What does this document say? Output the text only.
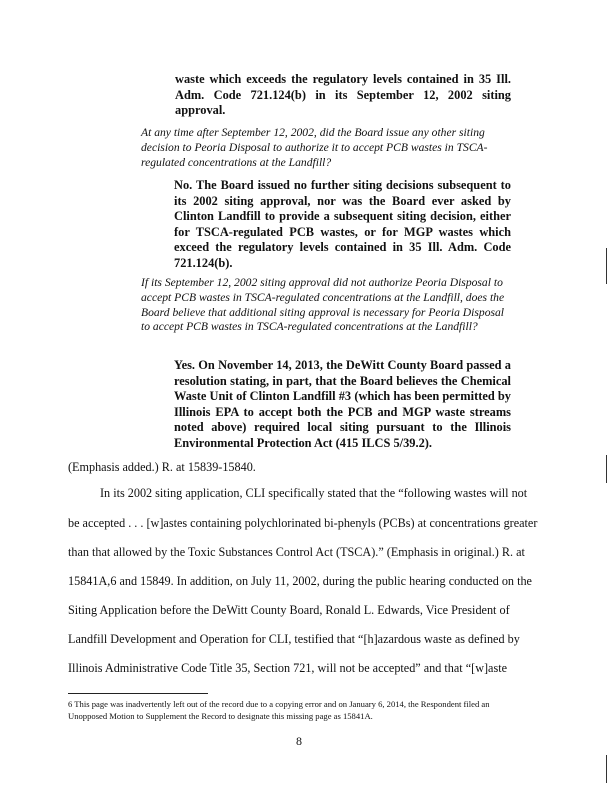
waste which exceeds the regulatory levels contained in 35 Ill. Adm. Code 721.124(b) in its September 12, 2002 siting approval.

At any time after September 12, 2002, did the Board issue any other siting decision to Peoria Disposal to authorize it to accept PCB wastes in TSCA-regulated concentrations at the Landfill?

No. The Board issued no further siting decisions subsequent to its 2002 siting approval, nor was the Board ever asked by Clinton Landfill to provide a subsequent siting decision, either for TSCA-regulated PCB wastes, or for MGP wastes which exceed the regulatory levels contained in 35 Ill. Adm. Code 721.124(b).

If its September 12, 2002 siting approval did not authorize Peoria Disposal to accept PCB wastes in TSCA-regulated concentrations at the Landfill, does the Board believe that additional siting approval is necessary for Peoria Disposal to accept PCB wastes in TSCA-regulated concentrations at the Landfill?

Yes. On November 14, 2013, the DeWitt County Board passed a resolution stating, in part, that the Board believes the Chemical Waste Unit of Clinton Landfill #3 (which has been permitted by Illinois EPA to accept both the PCB and MGP waste streams noted above) required local siting pursuant to the Illinois Environmental Protection Act (415 ILCS 5/39.2).

(Emphasis added.) R. at 15839-15840.

In its 2002 siting application, CLI specifically stated that the “following wastes will not

be accepted . . . [w]astes containing polychlorinated bi-phenyls (PCBs) at concentrations greater

than that allowed by the Toxic Substances Control Act (TSCA).” (Emphasis in original.) R. at

15841A,6 and 15849. In addition, on July 11, 2002, during the public hearing conducted on the

Siting Application before the DeWitt County Board, Ronald L. Edwards, Vice President of

Landfill Development and Operation for CLI, testified that “[h]azardous waste as defined by

Illinois Administrative Code Title 35, Section 721, will not be accepted” and that “[w]aste

6 This page was inadvertently left out of the record due to a copying error and on January 6, 2014, the Respondent filed an Unopposed Motion to Supplement the Record to designate this missing page as 15841A.

8
